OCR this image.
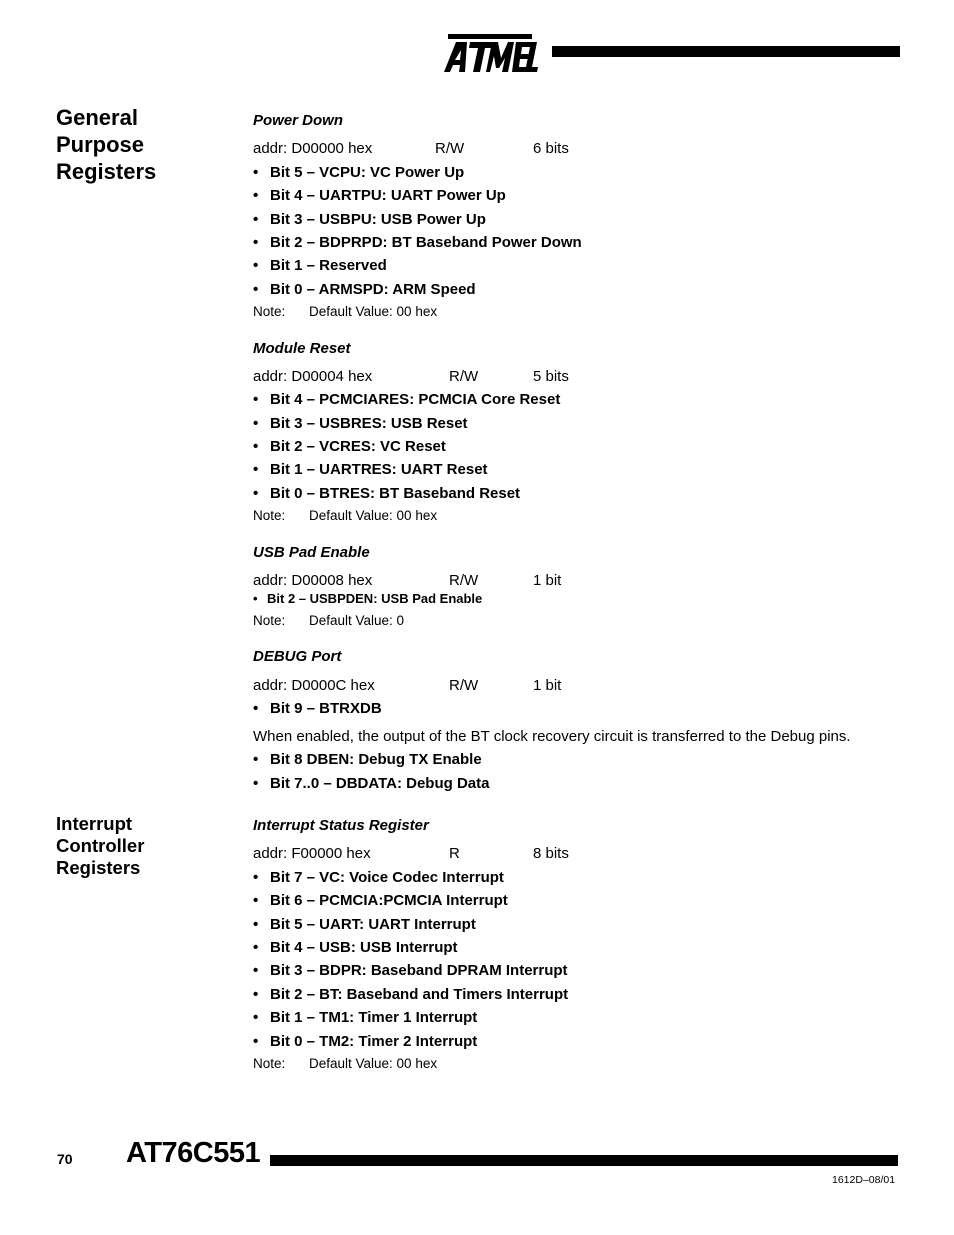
General
Purpose
Registers
Interrupt
Controller
Registers
Power Down
addr: D00000 hex	R/W	6 bits
• Bit 5 – VCPU: VC Power Up
• Bit 4 – UARTPU: UART Power Up
• Bit 3 – USBPU: USB Power Up
• Bit 2 – BDPRPD: BT Baseband Power Down
• Bit 1 – Reserved
• Bit 0 – ARMSPD: ARM Speed
Note: Default Value: 00 hex
Module Reset
addr: D00004 hex	R/W	5 bits
• Bit 4 – PCMCIARES: PCMCIA Core Reset
• Bit 3 – USBRES: USB Reset
• Bit 2 – VCRES: VC Reset
• Bit 1 – UARTRES: UART Reset
• Bit 0 – BTRES: BT Baseband Reset
Note: Default Value: 00 hex
USB Pad Enable
addr: D00008 hex	R/W	1 bit
• Bit 2 – USBPDEN: USB Pad Enable
Note: Default Value: 0
DEBUG Port
addr: D0000C hex	R/W	1 bit
• Bit 9 – BTRXDB
When enabled, the output of the BT clock recovery circuit is transferred to the Debug pins.
• Bit 8 DBEN: Debug TX Enable
• Bit 7..0 – DBDATA: Debug Data
Interrupt Status Register
addr: F00000 hex	R	8 bits
• Bit 7 – VC: Voice Codec Interrupt
• Bit 6 – PCMCIA:PCMCIA Interrupt
• Bit 5 – UART: UART Interrupt
• Bit 4 – USB: USB Interrupt
• Bit 3 – BDPR: Baseband DPRAM Interrupt
• Bit 2 – BT: Baseband and Timers Interrupt
• Bit 1 – TM1: Timer 1 Interrupt
• Bit 0 – TM2: Timer 2 Interrupt
Note: Default Value: 00 hex
70 AT76C551
1612D–08/01
